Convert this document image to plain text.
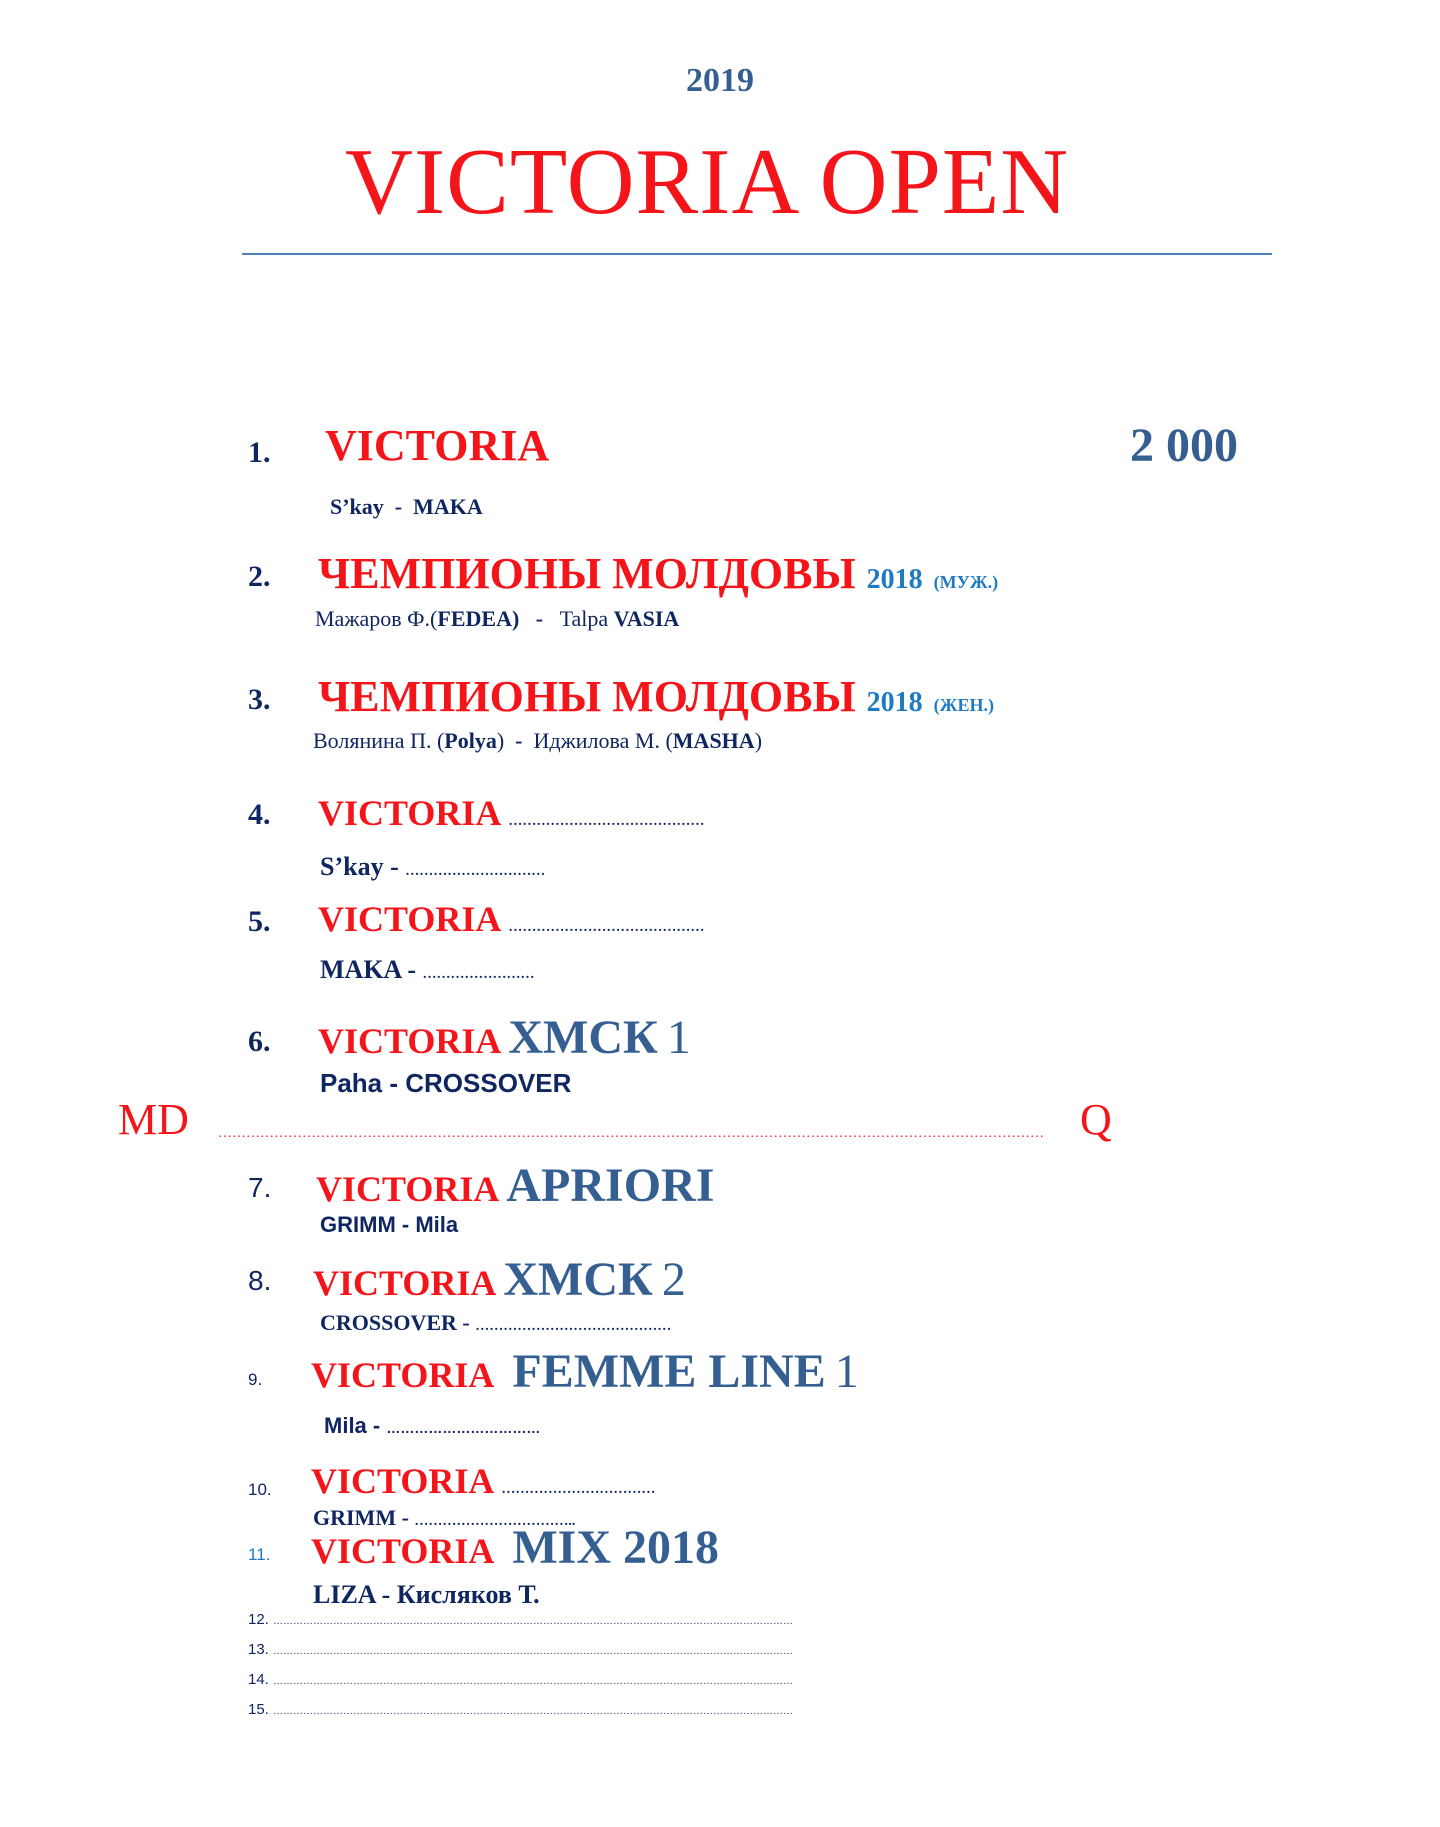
2019
VICTORIA OPEN
1. VICTORIA	2 000
S’kay - MAKA
2. ЧЕМПИОНЫ МОЛДОВЫ 2018 (МУЖ.)
Мажаров Ф.(FEDEA) - Talpa VASIA
3. ЧЕМПИОНЫ МОЛДОВЫ 2018 (ЖЕН.)
Волянина П. (Polya) - Иджилова М. (MASHA)
4. VICTORIA ……………………………………
S’kay - …………………………
5. VICTORIA ……………………………………
MAKA - ……………………
6. VICTORIA ХМСК 1
Paha - CROSSOVER
MD …………………………………………………………………………………………………………………………………………………………… Q
7. VICTORIA APRIORI
GRIMM - Mila
8. VICTORIA ХМСК 2
CROSSOVER - ……………………………………
9. VICTORIA FEMME LINE 1
Mila - ……………………………
10. VICTORIA ……………………………
GRIMM - ……………………………..
11. VICTORIA MIX 2018
LIZA - Кисляков Т.
12. …………………………………………………………………………………………………………………………………………
13. …………………………………………………………………………………………………………………………………………
14. …………………………………………………………………………………………………………………………………………
15. …………………………………………………………………………………………………………………………………………
